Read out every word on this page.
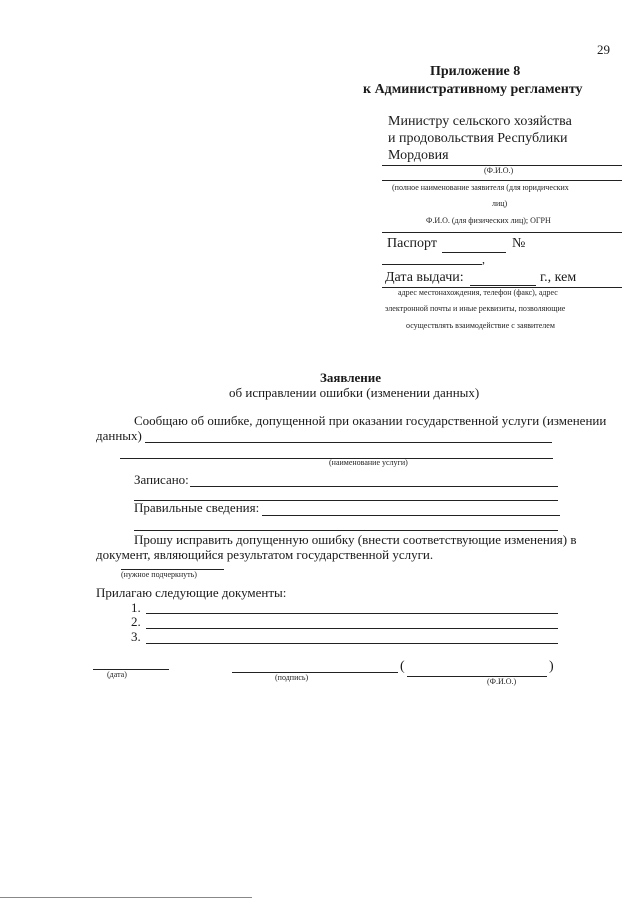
29
Приложение 8
к Административному регламенту
Министру сельского хозяйства
и продовольствия Республики
Мордовия
(Ф.И.О.)
(полное наименование заявителя (для юридических
лиц)
Ф.И.О. (для физических лиц); ОГРН
Паспорт	№
,
Дата выдачи:	г., кем
адрес местонахождения, телефон (факс), адрес
электронной почты и иные реквизиты, позволяющие
осуществлять взаимодействие с заявителем
Заявление
об исправлении ошибки (изменении данных)
Сообщаю об ошибке, допущенной при оказании государственной услуги (изменении
данных)
(наименование услуги)
Записано:
Правильные сведения:
Прошу исправить допущенную ошибку (внести соответствующие изменения) в
документ, являющийся результатом государственной услуги.
(нужное подчеркнуть)
Прилагаю следующие документы:
1.
2.
3.
(дата)	(подпись)
(	)
(Ф.И.О.)
